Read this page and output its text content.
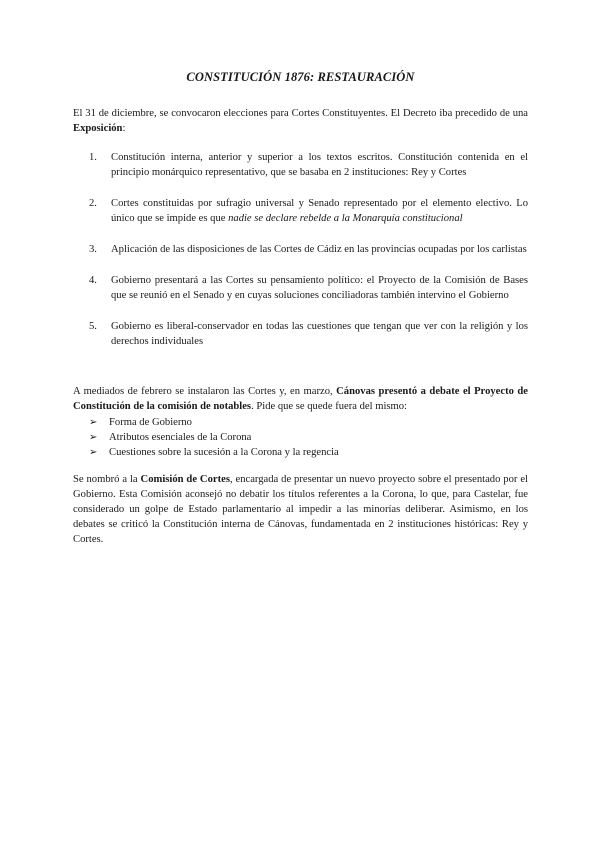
CONSTITUCIÓN 1876: RESTAURACIÓN
El 31 de diciembre, se convocaron elecciones para Cortes Constituyentes. El Decreto iba precedido de una Exposición:
1. Constitución interna, anterior y superior a los textos escritos. Constitución contenida en el principio monárquico representativo, que se basaba en 2 instituciones: Rey y Cortes
2. Cortes constituidas por sufragio universal y Senado representado por el elemento electivo. Lo único que se impide es que nadie se declare rebelde a la Monarquía constitucional
3. Aplicación de las disposiciones de las Cortes de Cádiz en las provincias ocupadas por los carlistas
4. Gobierno presentará a las Cortes su pensamiento político: el Proyecto de la Comisión de Bases que se reunió en el Senado y en cuyas soluciones conciliadoras también intervino el Gobierno
5. Gobierno es liberal-conservador en todas las cuestiones que tengan que ver con la religión y los derechos individuales
A mediados de febrero se instalaron las Cortes y, en marzo, Cánovas presentó a debate el Proyecto de Constitución de la comisión de notables. Pide que se quede fuera del mismo:
➢ Forma de Gobierno
➢ Atributos esenciales de la Corona
➢ Cuestiones sobre la sucesión a la Corona y la regencia
Se nombró a la Comisión de Cortes, encargada de presentar un nuevo proyecto sobre el presentado por el Gobierno. Esta Comisión aconsejó no debatir los títulos referentes a la Corona, lo que, para Castelar, fue considerado un golpe de Estado parlamentario al impedir a las minorías deliberar. Asimismo, en los debates se criticó la Constitución interna de Cánovas, fundamentada en 2 instituciones históricas: Rey y Cortes.
